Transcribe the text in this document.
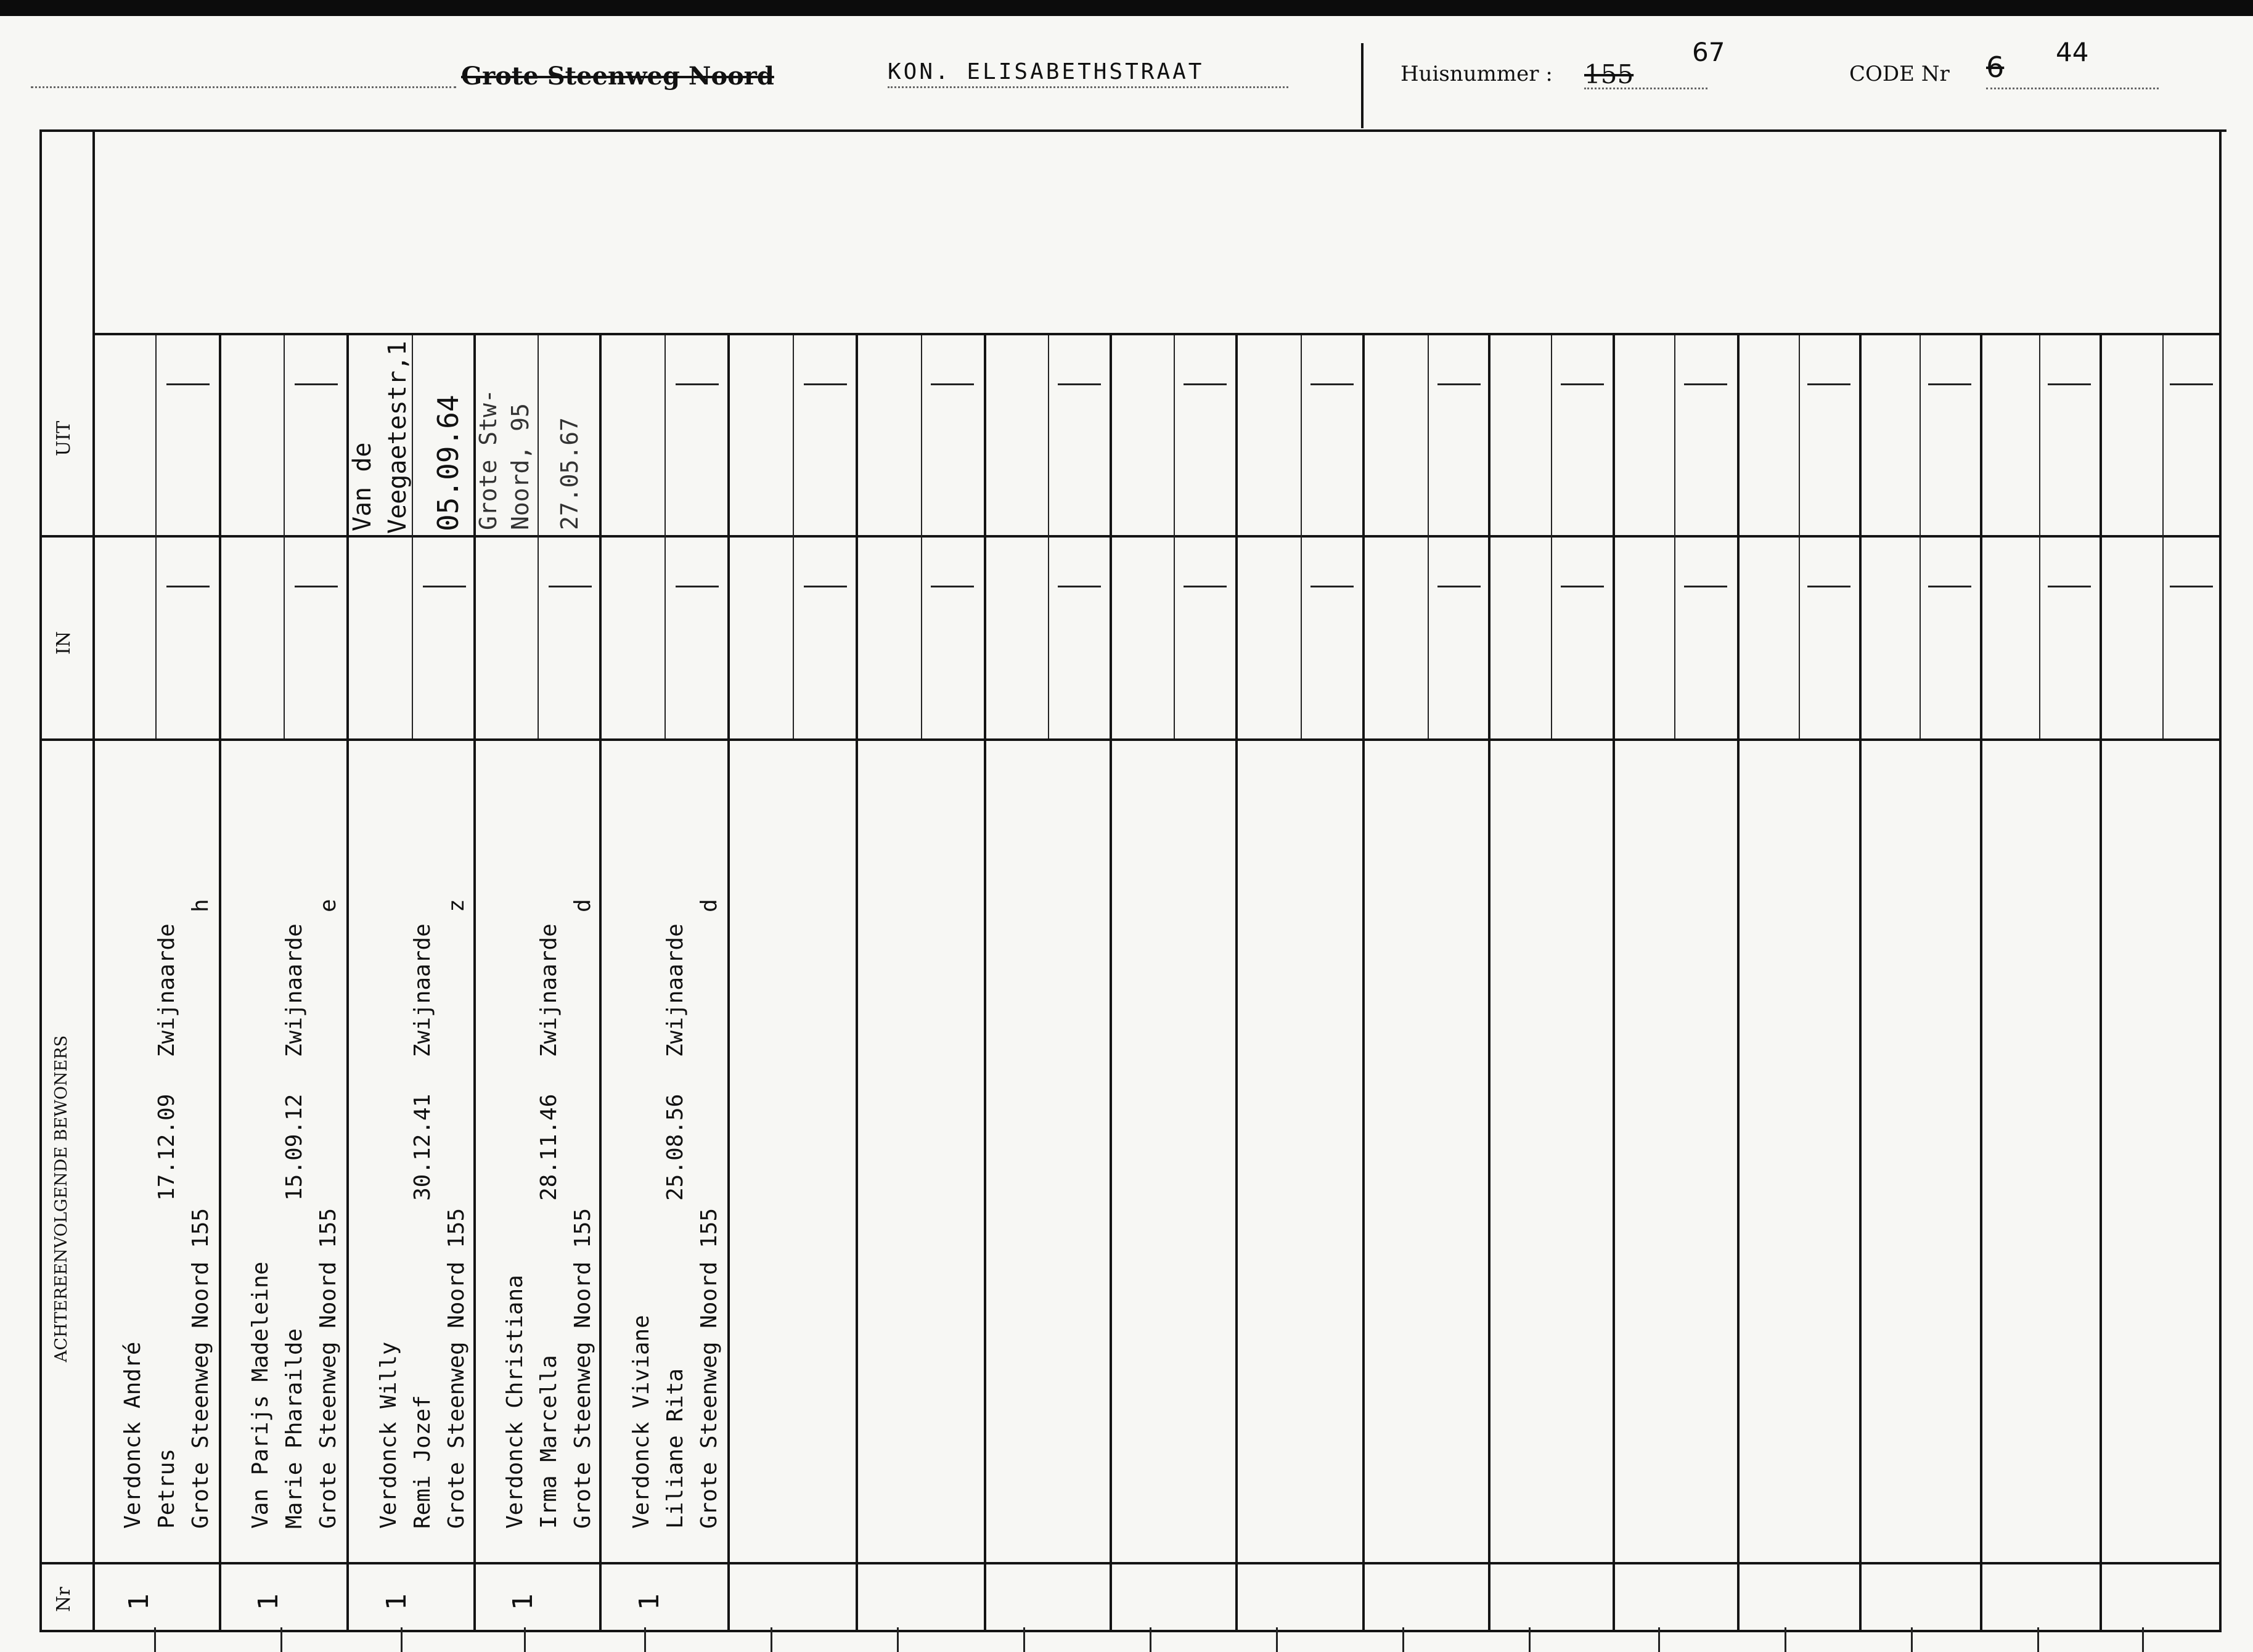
Grote Steenweg Noord	KON. ELISABETHSTRAAT	Huisnummer : 155
67
CODE Nr 6 44
UIT
IN
ACHTEREENVOLGENDE BEWONERS
Nr
Van de Veegaetestr,1 05.09.64 Grote Stw- Noord, 95 27.05.67
Verdonck André Petrus Grote Steenweg Noord 155
17.12.09
Zwijnaarde
h
1
Van Parijs Madeleine Marie Pharailde Grote Steenweg Noord 155
15.09.12
Zwijnaarde
e
1
Verdonck Willy Remi Jozef Grote Steenweg Noord 155
30.12.41
Zwijnaarde
z
1
Verdonck Christiana Irma Marcella Grote Steenweg Noord 155
28.11.46
Zwijnaarde
d
1
Verdonck Viviane Liliane Rita Grote Steenweg Noord 155
25.08.56
Zwijnaarde
d
1
